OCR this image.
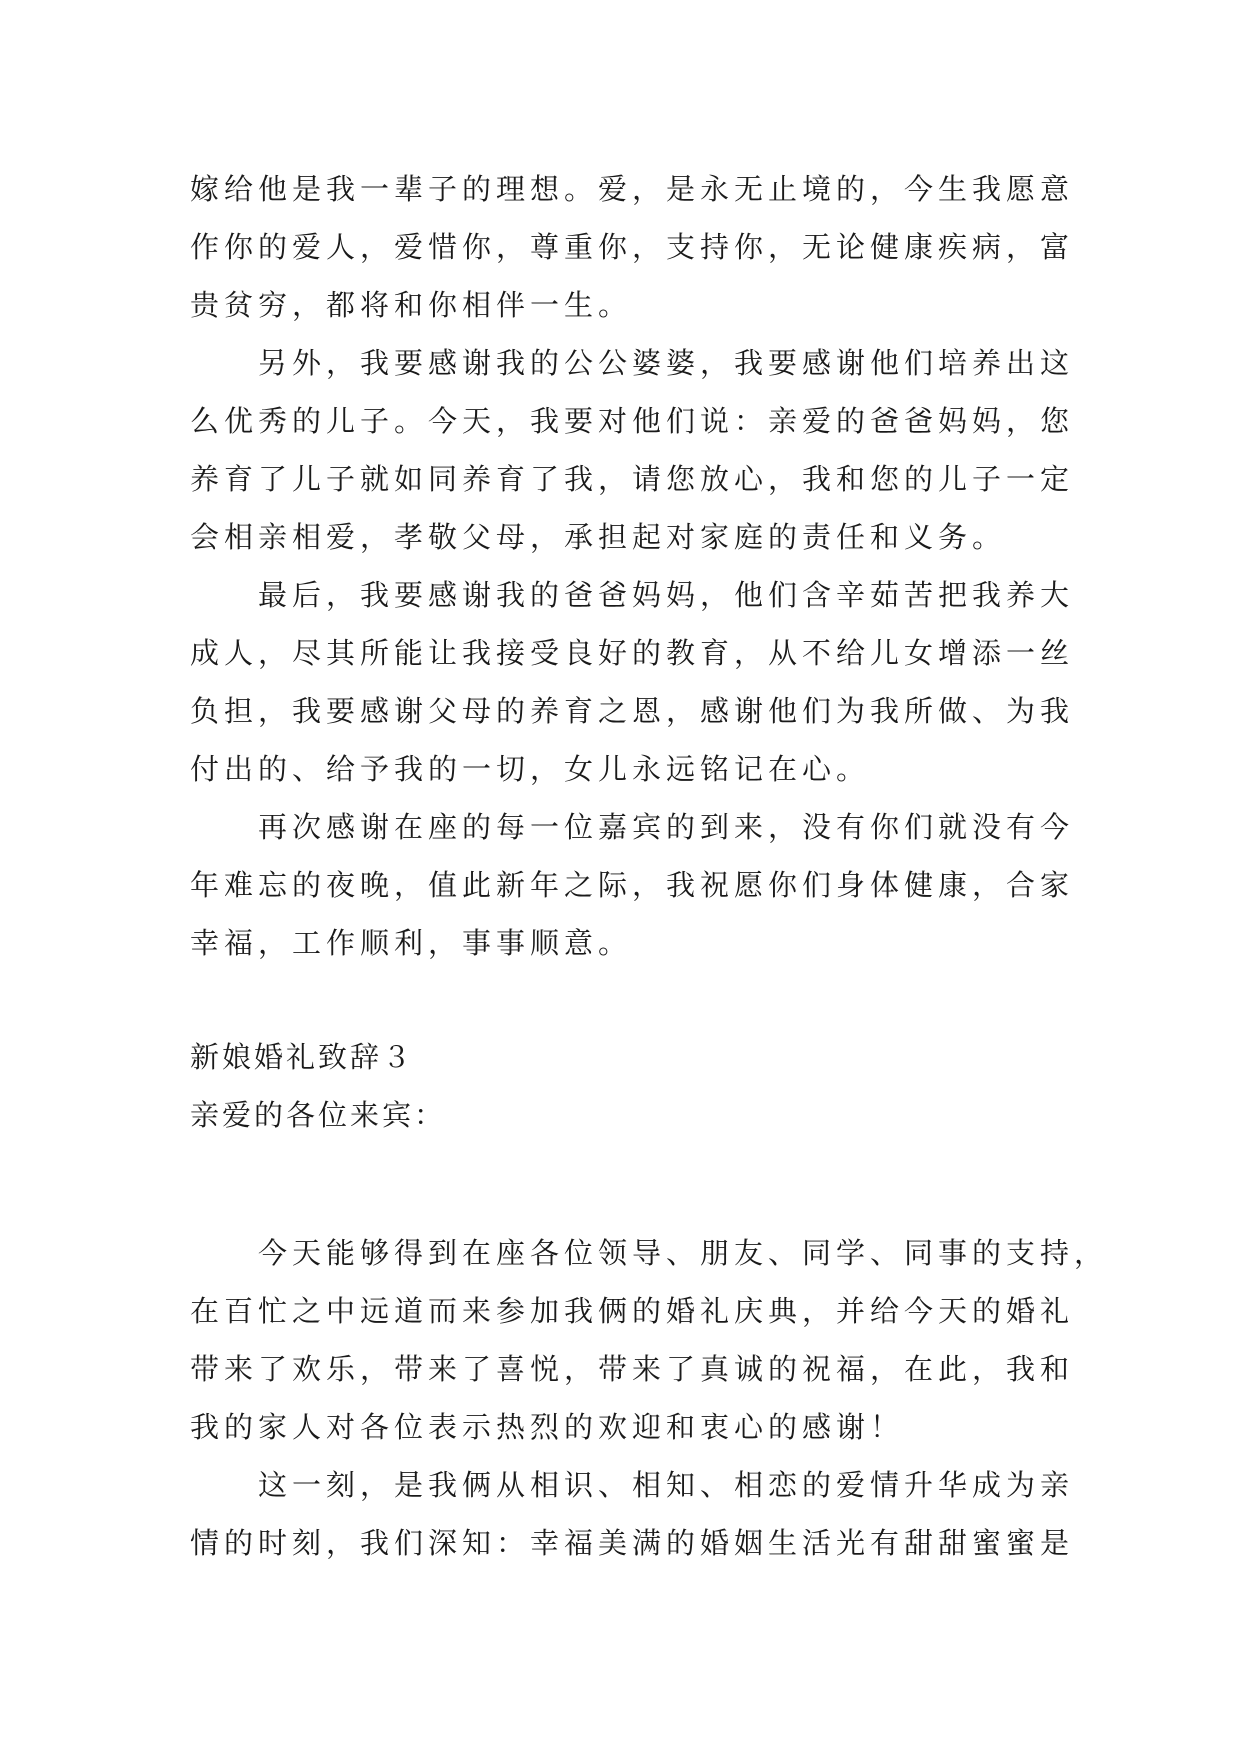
嫁给他是我一辈子的理想。爱，是永无止境的，今生我愿意
作你的爱人，爱惜你，尊重你，支持你，无论健康疾病，富
贵贫穷，都将和你相伴一生。

另外，我要感谢我的公公婆婆，我要感谢他们培养出这
么优秀的儿子。今天，我要对他们说：亲爱的爸爸妈妈，您
养育了儿子就如同养育了我，请您放心，我和您的儿子一定
会相亲相爱，孝敬父母，承担起对家庭的责任和义务。

最后，我要感谢我的爸爸妈妈，他们含辛茹苦把我养大
成人，尽其所能让我接受良好的教育，从不给儿女增添一丝
负担，我要感谢父母的养育之恩，感谢他们为我所做、为我
付出的、给予我的一切，女儿永远铭记在心。

再次感谢在座的每一位嘉宾的到来，没有你们就没有今
年难忘的夜晚，值此新年之际，我祝愿你们身体健康，合家
幸福，工作顺利，事事顺意。

新娘婚礼致辞３

亲爱的各位来宾：

今天能够得到在座各位领导、朋友、同学、同事的支持，
在百忙之中远道而来参加我俩的婚礼庆典，并给今天的婚礼
带来了欢乐，带来了喜悦，带来了真诚的祝福，在此，我和
我的家人对各位表示热烈的欢迎和衷心的感谢！

这一刻，是我俩从相识、相知、相恋的爱情升华成为亲
情的时刻，我们深知：幸福美满的婚姻生活光有甜甜蜜蜜是
